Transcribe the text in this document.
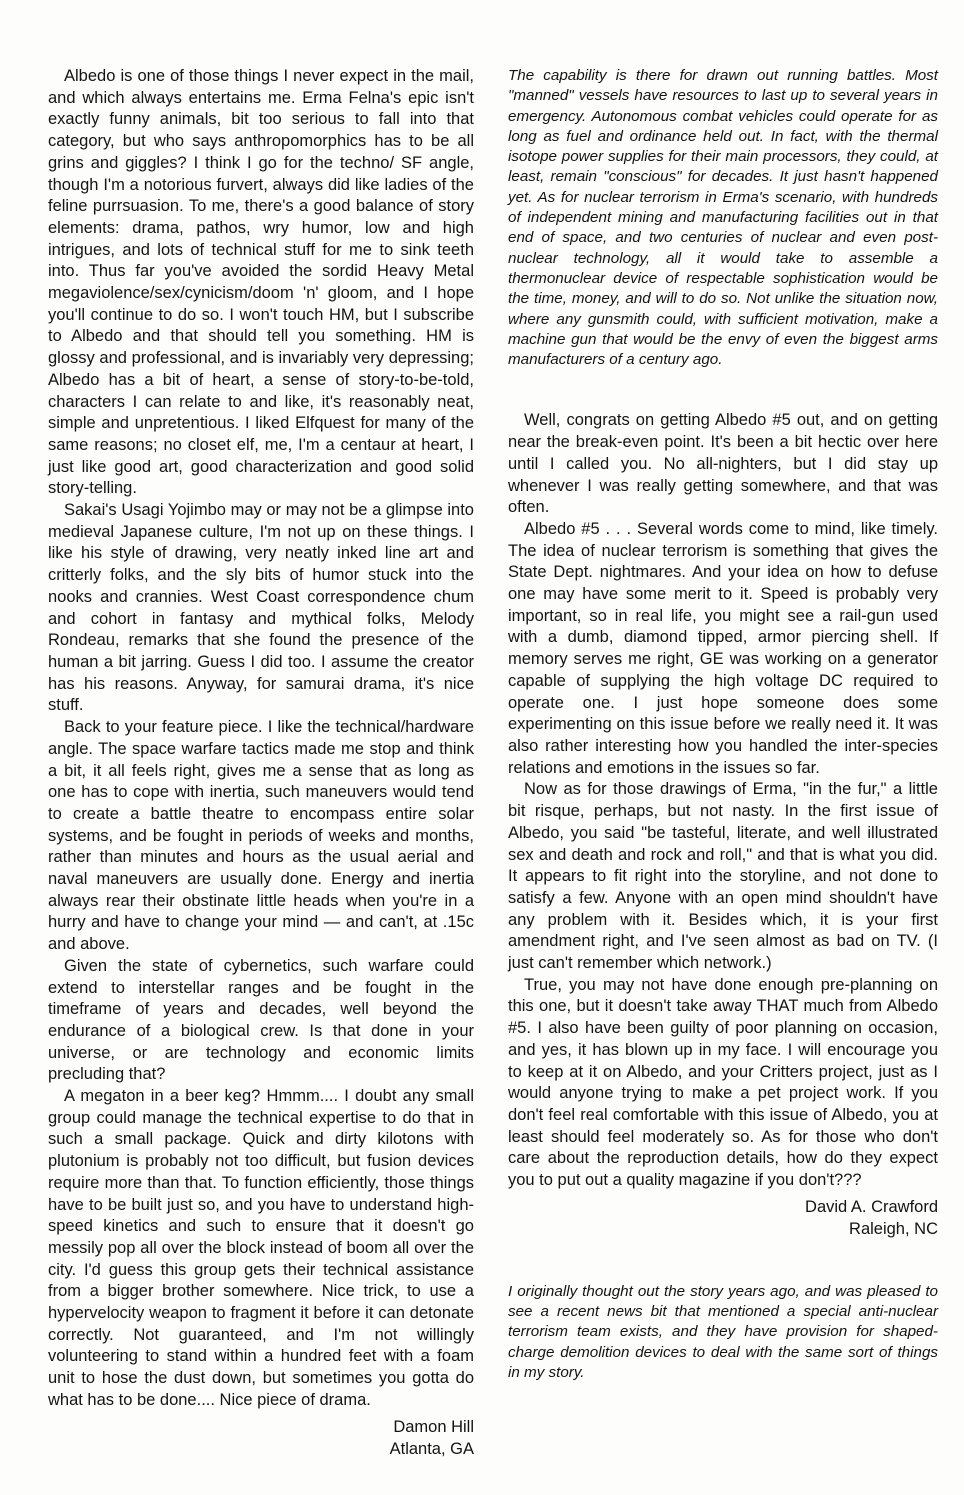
Albedo is one of those things I never expect in the mail, and which always entertains me. Erma Felna's epic isn't exactly funny animals, bit too serious to fall into that category, but who says anthropomorphics has to be all grins and giggles? I think I go for the techno/ SF angle, though I'm a notorious furvert, always did like ladies of the feline purrsuasion. To me, there's a good balance of story elements: drama, pathos, wry humor, low and high intrigues, and lots of technical stuff for me to sink teeth into. Thus far you've avoided the sordid Heavy Metal megaviolence/sex/cynicism/doom 'n' gloom, and I hope you'll continue to do so. I won't touch HM, but I subscribe to Albedo and that should tell you something. HM is glossy and professional, and is invariably very depressing; Albedo has a bit of heart, a sense of story-to-be-told, characters I can relate to and like, it's reasonably neat, simple and unpretentious. I liked Elfquest for many of the same reasons; no closet elf, me, I'm a centaur at heart, I just like good art, good characterization and good solid story-telling.

Sakai's Usagi Yojimbo may or may not be a glimpse into medieval Japanese culture, I'm not up on these things. I like his style of drawing, very neatly inked line art and critterly folks, and the sly bits of humor stuck into the nooks and crannies. West Coast correspondence chum and cohort in fantasy and mythical folks, Melody Rondeau, remarks that she found the presence of the human a bit jarring. Guess I did too. I assume the creator has his reasons. Anyway, for samurai drama, it's nice stuff.

Back to your feature piece. I like the technical/hardware angle. The space warfare tactics made me stop and think a bit, it all feels right, gives me a sense that as long as one has to cope with inertia, such maneuvers would tend to create a battle theatre to encompass entire solar systems, and be fought in periods of weeks and months, rather than minutes and hours as the usual aerial and naval maneuvers are usually done. Energy and inertia always rear their obstinate little heads when you're in a hurry and have to change your mind — and can't, at .15c and above.

Given the state of cybernetics, such warfare could extend to interstellar ranges and be fought in the timeframe of years and decades, well beyond the endurance of a biological crew. Is that done in your universe, or are technology and economic limits precluding that?

A megaton in a beer keg? Hmmm.... I doubt any small group could manage the technical expertise to do that in such a small package. Quick and dirty kilotons with plutonium is probably not too difficult, but fusion devices require more than that. To function efficiently, those things have to be built just so, and you have to understand high-speed kinetics and such to ensure that it doesn't go messily pop all over the block instead of boom all over the city. I'd guess this group gets their technical assistance from a bigger brother somewhere. Nice trick, to use a hypervelocity weapon to fragment it before it can detonate correctly. Not guaranteed, and I'm not willingly volunteering to stand within a hundred feet with a foam unit to hose the dust down, but sometimes you gotta do what has to be done.... Nice piece of drama.

Damon Hill
Atlanta, GA

The capability is there for drawn out running battles. Most "manned" vessels have resources to last up to several years in emergency. Autonomous combat vehicles could operate for as long as fuel and ordinance held out. In fact, with the thermal isotope power supplies for their main processors, they could, at least, remain "conscious" for decades. It just hasn't happened yet. As for nuclear terrorism in Erma's scenario, with hundreds of independent mining and manufacturing facilities out in that end of space, and two centuries of nuclear and even post-nuclear technology, all it would take to assemble a thermonuclear device of respectable sophistication would be the time, money, and will to do so. Not unlike the situation now, where any gunsmith could, with sufficient motivation, make a machine gun that would be the envy of even the biggest arms manufacturers of a century ago.

Well, congrats on getting Albedo #5 out, and on getting near the break-even point. It's been a bit hectic over here until I called you. No all-nighters, but I did stay up whenever I was really getting somewhere, and that was often.

Albedo #5 . . . Several words come to mind, like timely. The idea of nuclear terrorism is something that gives the State Dept. nightmares. And your idea on how to defuse one may have some merit to it. Speed is probably very important, so in real life, you might see a rail-gun used with a dumb, diamond tipped, armor piercing shell. If memory serves me right, GE was working on a generator capable of supplying the high voltage DC required to operate one. I just hope someone does some experimenting on this issue before we really need it. It was also rather interesting how you handled the inter-species relations and emotions in the issues so far.

Now as for those drawings of Erma, "in the fur," a little bit risque, perhaps, but not nasty. In the first issue of Albedo, you said "be tasteful, literate, and well illustrated sex and death and rock and roll," and that is what you did. It appears to fit right into the storyline, and not done to satisfy a few. Anyone with an open mind shouldn't have any problem with it. Besides which, it is your first amendment right, and I've seen almost as bad on TV. (I just can't remember which network.)

True, you may not have done enough pre-planning on this one, but it doesn't take away THAT much from Albedo #5. I also have been guilty of poor planning on occasion, and yes, it has blown up in my face. I will encourage you to keep at it on Albedo, and your Critters project, just as I would anyone trying to make a pet project work. If you don't feel real comfortable with this issue of Albedo, you at least should feel moderately so. As for those who don't care about the reproduction details, how do they expect you to put out a quality magazine if you don't???

David A. Crawford
Raleigh, NC

I originally thought out the story years ago, and was pleased to see a recent news bit that mentioned a special anti-nuclear terrorism team exists, and they have provision for shaped-charge demolition devices to deal with the same sort of things in my story.
